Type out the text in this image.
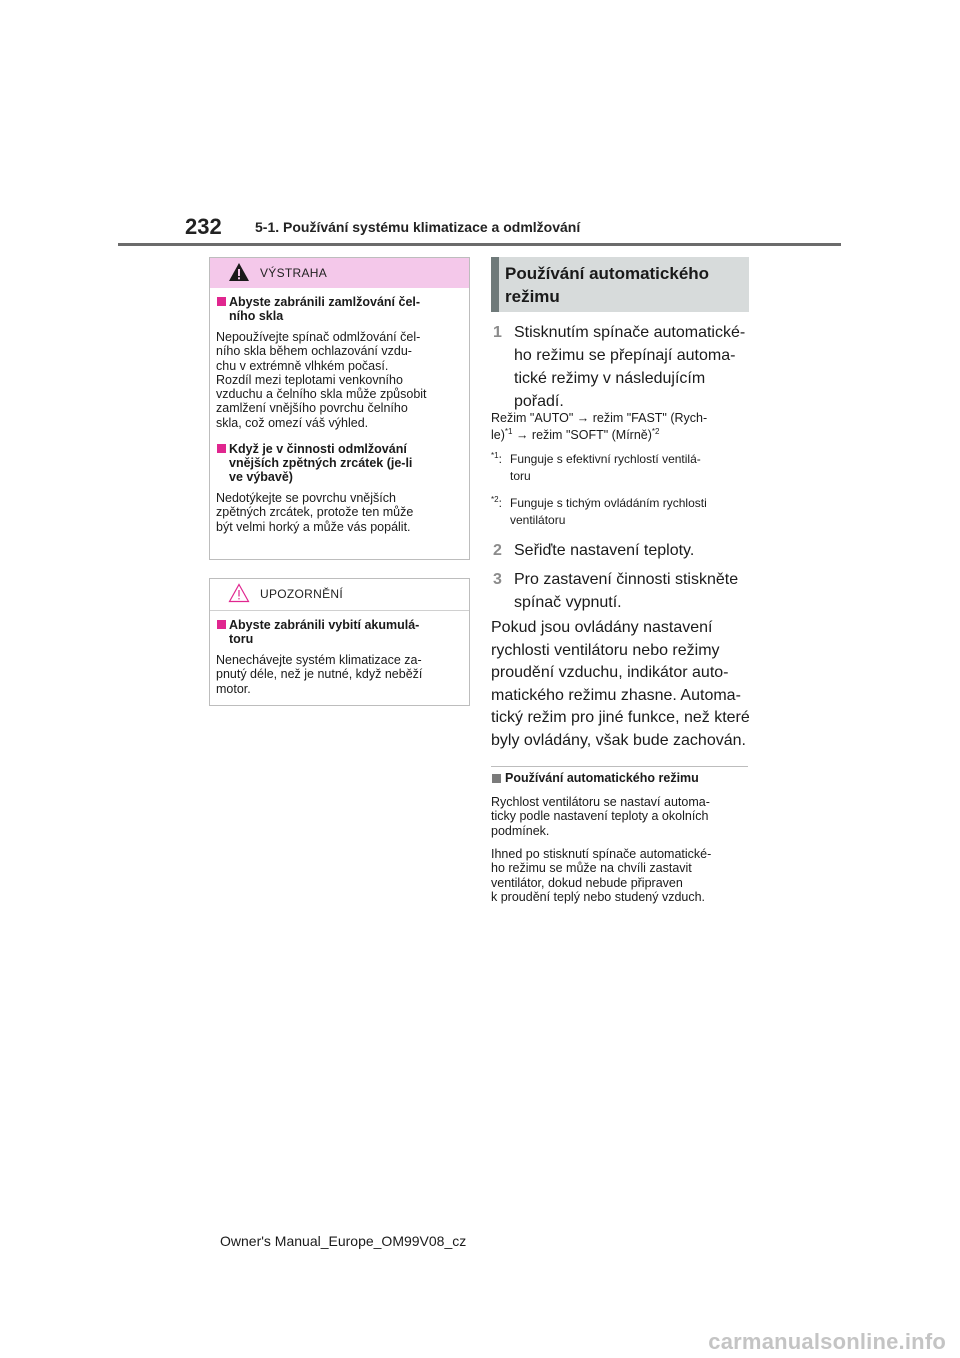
232 5-1. Používání systému klimatizace a odmlžování
VÝSTRAHA
Abyste zabránili zamlžování čel-
ního skla
Nepoužívejte spínač odmlžování čel-
ního skla během ochlazování vzdu-
chu v extrémně vlhkém počasí.
Rozdíl mezi teplotami venkovního
vzduchu a čelního skla může způsobit
zamlžení vnějšího povrchu čelního
skla, což omezí váš výhled.
Když je v činnosti odmlžování
vnějších zpětných zrcátek (je-li
ve výbavě)
Nedotýkejte se povrchu vnějších
zpětných zrcátek, protože ten může
být velmi horký a může vás popálit.
UPOZORNĚNÍ
Abyste zabránili vybití akumulá-
toru
Nenechávejte systém klimatizace za-
pnutý déle, než je nutné, když neběží
motor.
Používání automatického
režimu
1 Stisknutím spínače automatické-
ho režimu se přepínají automa-
tické režimy v následujícím
pořadí.
Režim "AUTO" → režim "FAST" (Rych-
le)$^{*1}$ → režim "SOFT" (Mírně)$^{*2}$
$^{*1}$: Funguje s efektivní rychlostí ventilá-
toru
$^{*2}$: Funguje s tichým ovládáním rychlosti
ventilátoru
2 Seřiďte nastavení teploty.
3 Pro zastavení činnosti stiskněte
spínač vypnutí.
Pokud jsou ovládány nastavení
rychlosti ventilátoru nebo režimy
proudění vzduchu, indikátor auto-
matického režimu zhasne. Automa-
tický režim pro jiné funkce, než které
byly ovládány, však bude zachován.
Používání automatického režimu
Rychlost ventilátoru se nastaví automa-
ticky podle nastavení teploty a okolních
podmínek.
Ihned po stisknutí spínače automatické-
ho režimu se může na chvíli zastavit
ventilátor, dokud nebude připraven
k proudění teplý nebo studený vzduch.
Owner's Manual_Europe_OM99V08_cz
carmanualsonline.info
